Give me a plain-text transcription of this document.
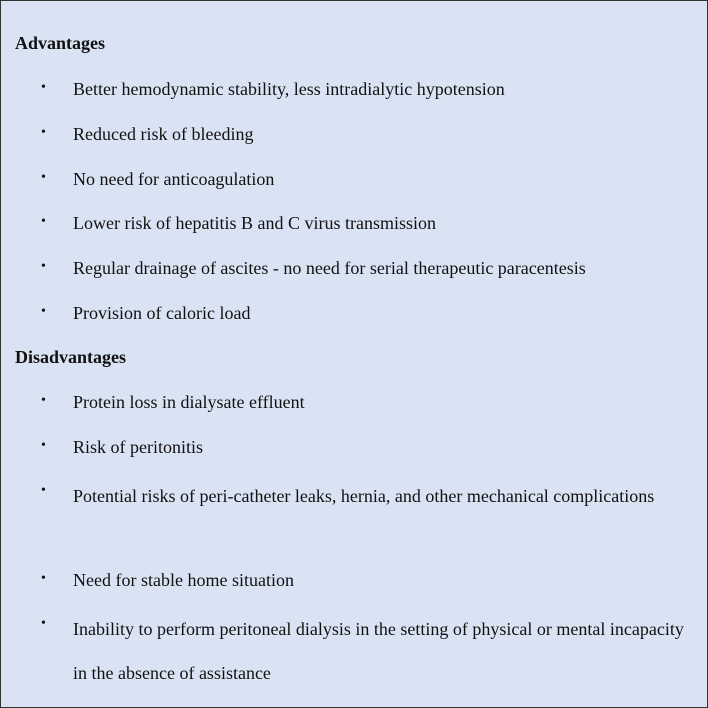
Advantages
• Better hemodynamic stability, less intradialytic hypotension
• Reduced risk of bleeding
• No need for anticoagulation
• Lower risk of hepatitis B and C virus transmission
• Regular drainage of ascites - no need for serial therapeutic paracentesis
• Provision of caloric load
Disadvantages
• Protein loss in dialysate effluent
• Risk of peritonitis
• Potential risks of peri-catheter leaks, hernia, and other mechanical complications
• Need for stable home situation
• Inability to perform peritoneal dialysis in the setting of physical or mental incapacity in the absence of assistance
